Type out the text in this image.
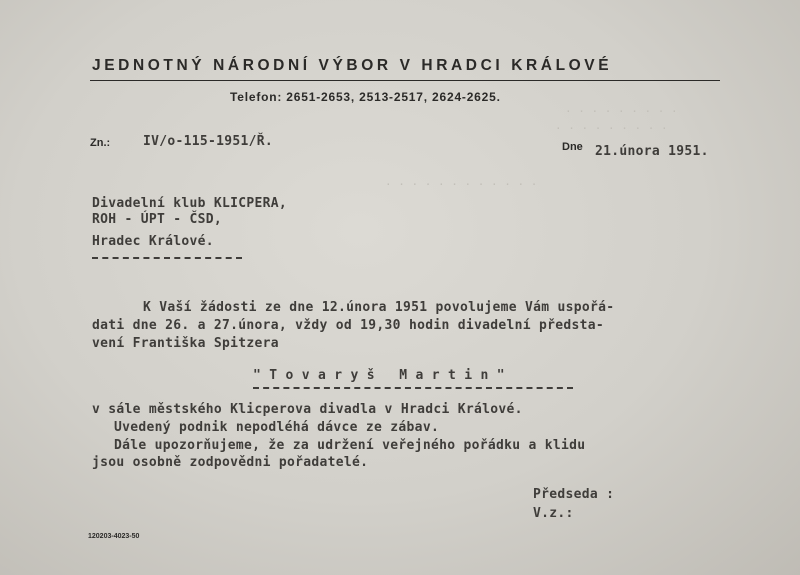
JEDNOTNÝ NÁRODNÍ VÝBOR V HRADCI KRÁLOVÉ
Telefon: 2651-2653, 2513-2517, 2624-2625.
· · · · · · · · ·
· · · · · · · · ·
· · · · · · · · · · · ·
Zn.:	IV/o-115-1951/Ř.	Dne 21.února 1951.
Divadelní klub KLICPERA,
ROH - ÚPT - ČSD,
Hradec Králové.
K Vaší žádosti ze dne 12.února 1951 povolujeme Vám uspořá-
dati dne 26. a 27.února, vždy od 19,30 hodin divadelní předsta-
vení Františka Spitzera
" T o v a r y š   M a r t i n "
v sále městského Klicperova divadla v Hradci Králové.
Uvedený podnik nepodléhá dávce ze zábav.
Dále upozorňujeme, že za udržení veřejného pořádku a klidu
jsou osobně zodpovědni pořadatelé.
Předseda :
V.z.:
120203-4023-50
